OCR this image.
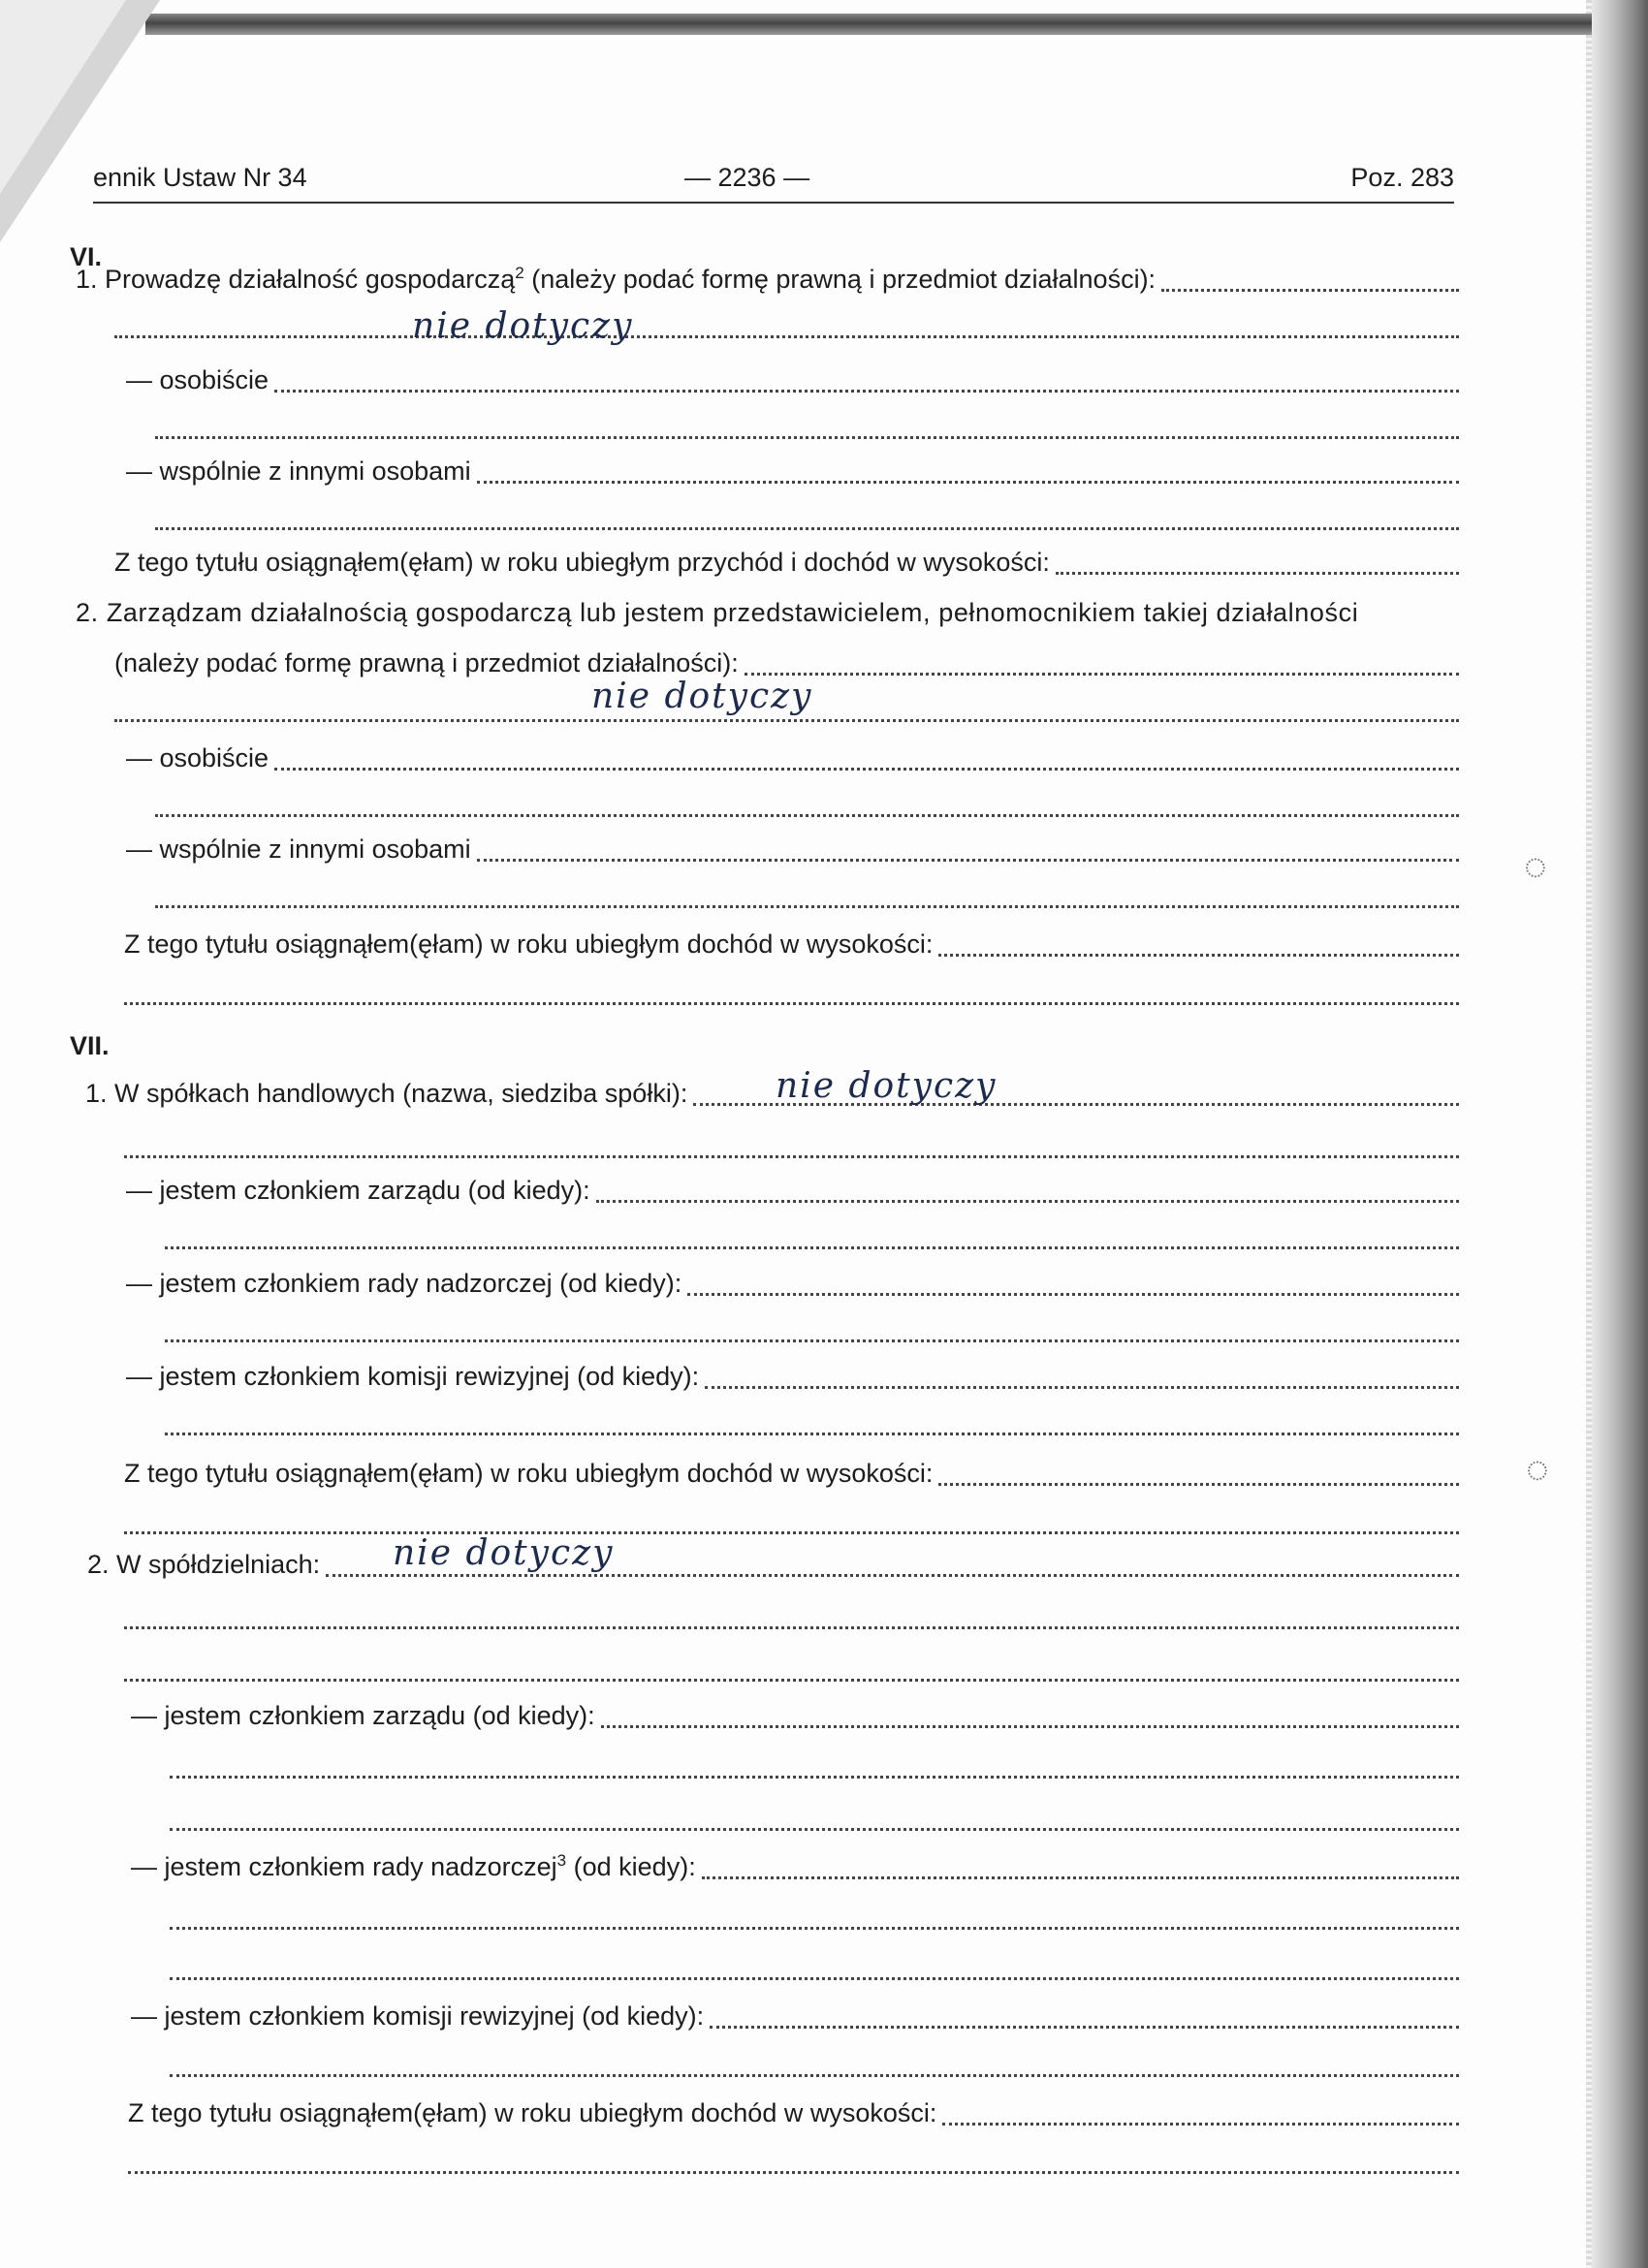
ennik Ustaw Nr 34	— 2236 —	Poz. 283
VI.
1. Prowadzę działalność gospodarczą$^2$ (należy podać formę prawną i przedmiot działalności):
nie dotyczy
— osobiście
— wspólnie z innymi osobami
Z tego tytułu osiągnąłem(ęłam) w roku ubiegłym przychód i dochód w wysokości:
2. Zarządzam działalnością gospodarczą lub jestem przedstawicielem, pełnomocnikiem takiej działalności
(należy podać formę prawną i przedmiot działalności):
nie dotyczy
— osobiście
— wspólnie z innymi osobami
Z tego tytułu osiągnąłem(ęłam) w roku ubiegłym dochód w wysokości:
VII.
1. W spółkach handlowych (nazwa, siedziba spółki):	nie dotyczy
— jestem członkiem zarządu (od kiedy):
— jestem członkiem rady nadzorczej (od kiedy):
— jestem członkiem komisji rewizyjnej (od kiedy):
Z tego tytułu osiągnąłem(ęłam) w roku ubiegłym dochód w wysokości:
2. W spółdzielniach: nie dotyczy
— jestem członkiem zarządu (od kiedy):
— jestem członkiem rady nadzorczej$^3$ (od kiedy):
— jestem członkiem komisji rewizyjnej (od kiedy):
Z tego tytułu osiągnąłem(ęłam) w roku ubiegłym dochód w wysokości:
◌
◌
